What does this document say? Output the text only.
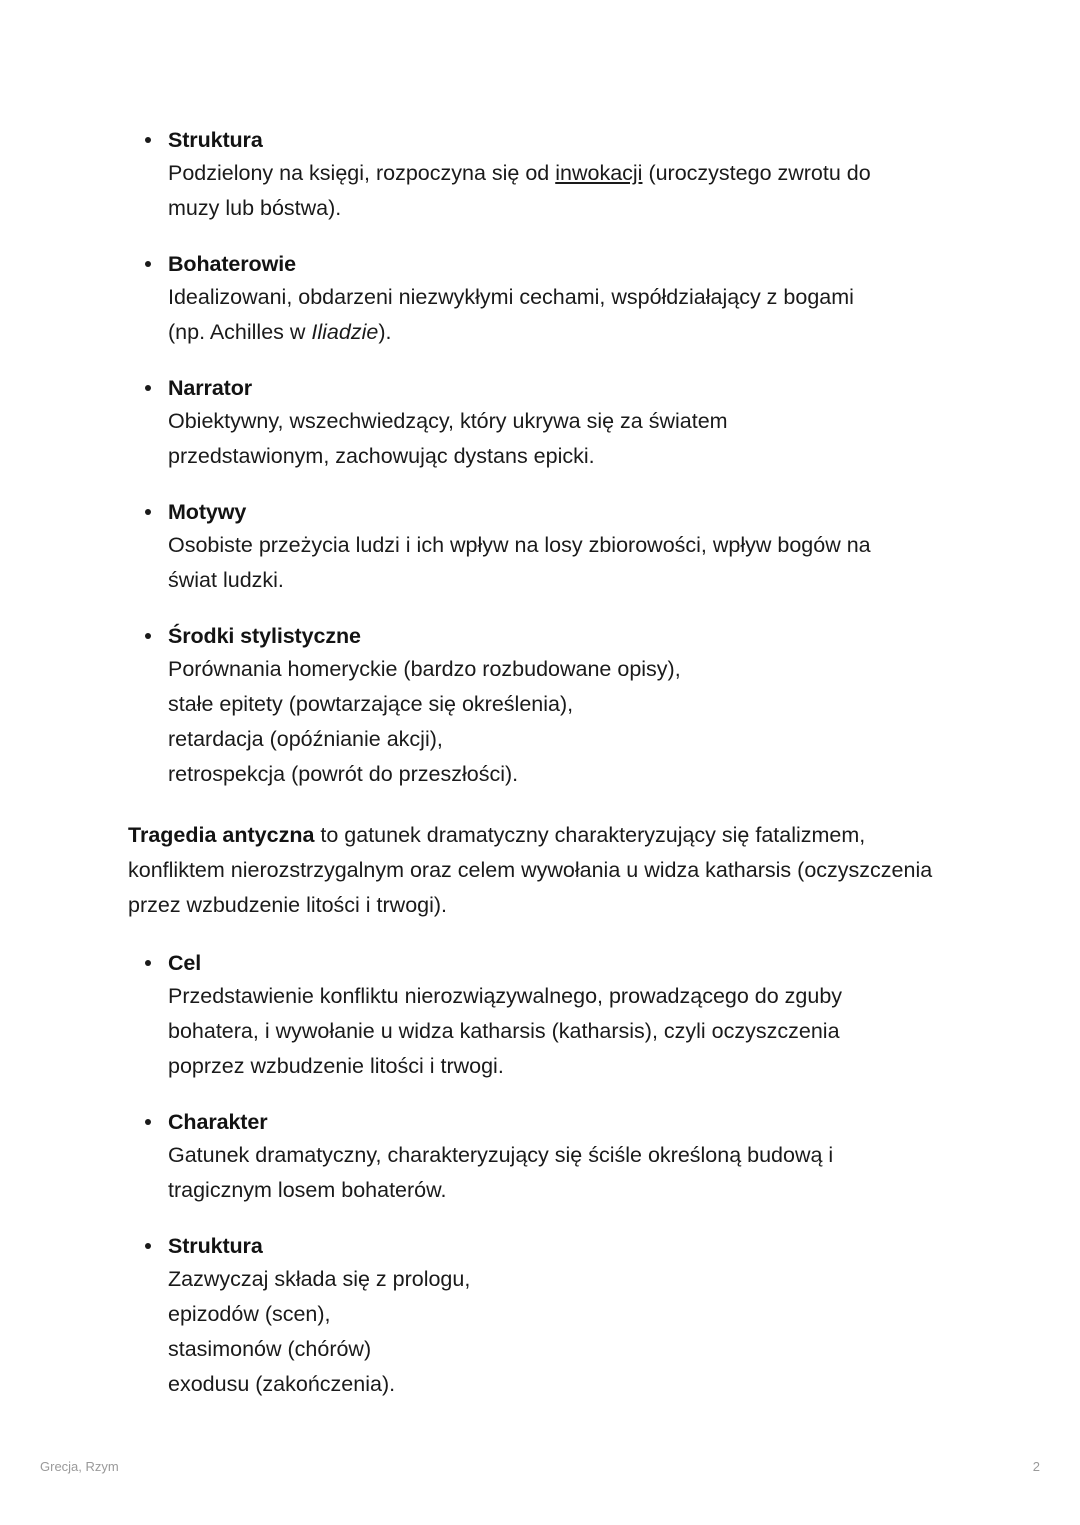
Struktura
Podzielony na księgi, rozpoczyna się od inwokacji (uroczystego zwrotu do
muzy lub bóstwa).
Bohaterowie
Idealizowani, obdarzeni niezwykłymi cechami, współdziałający z bogami
(np. Achilles w Iliadzie).
Narrator
Obiektywny, wszechwiedzący, który ukrywa się za światem
przedstawionym, zachowując dystans epicki.
Motywy
Osobiste przeżycia ludzi i ich wpływ na losy zbiorowości, wpływ bogów na
świat ludzki.
Środki stylistyczne
Porównania homeryckie (bardzo rozbudowane opisy),
stałe epitety (powtarzające się określenia),
retardacja (opóźnianie akcji),
retrospekcja (powrót do przeszłości).

Tragedia antyczna to gatunek dramatyczny charakteryzujący się fatalizmem, konfliktem nierozstrzygalnym oraz celem wywołania u widza katharsis (oczyszczenia przez wzbudzenie litości i trwogi).

Cel
Przedstawienie konfliktu nierozwiązywalnego, prowadzącego do zguby
bohatera, i wywołanie u widza katharsis (katharsis), czyli oczyszczenia
poprzez wzbudzenie litości i trwogi.
Charakter
Gatunek dramatyczny, charakteryzujący się ściśle określoną budową i
tragicznym losem bohaterów.
Struktura
Zazwyczaj składa się z prologu,
epizodów (scen),
stasimonów (chórów)
exodusu (zakończenia).
Grecja, Rzym	2
